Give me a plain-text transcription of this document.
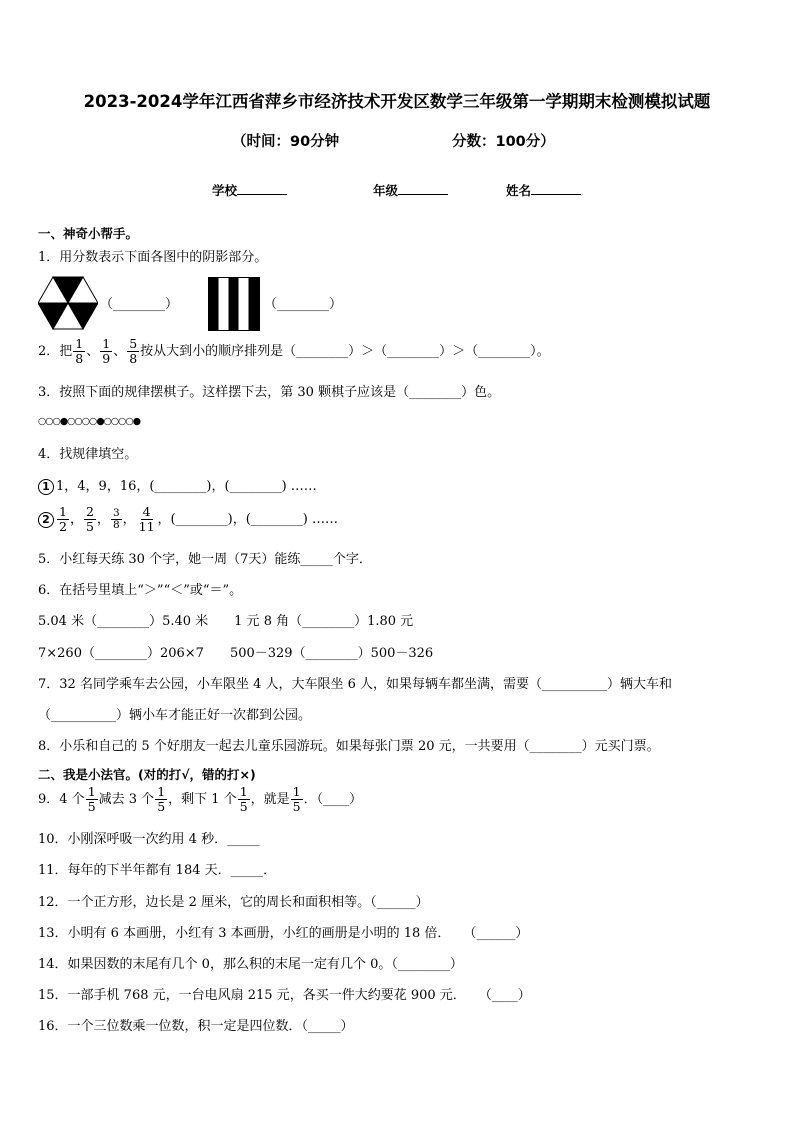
2023-2024学年江西省萍乡市经济技术开发区数学三年级第一学期期末检测模拟试题
（时间：90分钟	分数：100分）
学校	年级	姓名
一、神奇小帮手。
1．用分数表示下面各图中的阴影部分。
（________）	（________）
2．把 $\frac{1}{8}$ 、 $\frac{1}{9}$ 、 $\frac{5}{8}$ 按从大到小的顺序排列是（________）＞（________）＞（________）。
3．按照下面的规律摆棋子。这样摆下去，第 30 颗棋子应该是（________）色。
○○○●○○○○●○○○○●
4．找规律填空。
1 1，4，9，16，(________)，(________) ……
$2 \frac{1}{2}$ ， $\frac{2}{5}$ ， $\frac{3}{8}$ ， $\frac{4}{11}$ ，(________)，(________) ……
5．小红每天练 30 个字，她一周（7天）能练_____个字．
6．在括号里填上“＞”“＜”或“＝”。
5.04 米（________）5.40 米　　1 元 8 角（________）1.80 元
7×260（________）206×7　　500－329（________）500－326
7．32 名同学乘车去公园，小车限坐 4 人，大车限坐 6 人，如果每辆车都坐满，需要（__________）辆大车和
（__________）辆小车才能正好一次都到公园。
8．小乐和自己的 5 个好朋友一起去儿童乐园游玩。如果每张门票 20 元，一共要用（________）元买门票。
二、我是小法官。(对的打√，错的打×)
9．4 个 $\frac{1}{5}$ 减去 3 个 $\frac{1}{5}$ ，剩下 1 个 $\frac{1}{5}$ ，就是 $\frac{1}{5}$ ．（____）
10．小刚深呼吸一次约用 4 秒．_____
11．每年的下半年都有 184 天．_____．
12．一个正方形，边长是 2 厘米，它的周长和面积相等。（______）
13．小明有 6 本画册，小红有 3 本画册，小红的画册是小明的 18 倍．　　（______）
14．如果因数的末尾有几个 0，那么积的末尾一定有几个 0。（________）
15．一部手机 768 元，一台电风扇 215 元，各买一件大约要花 900 元．　　（____）
16．一个三位数乘一位数，积一定是四位数．（_____）
